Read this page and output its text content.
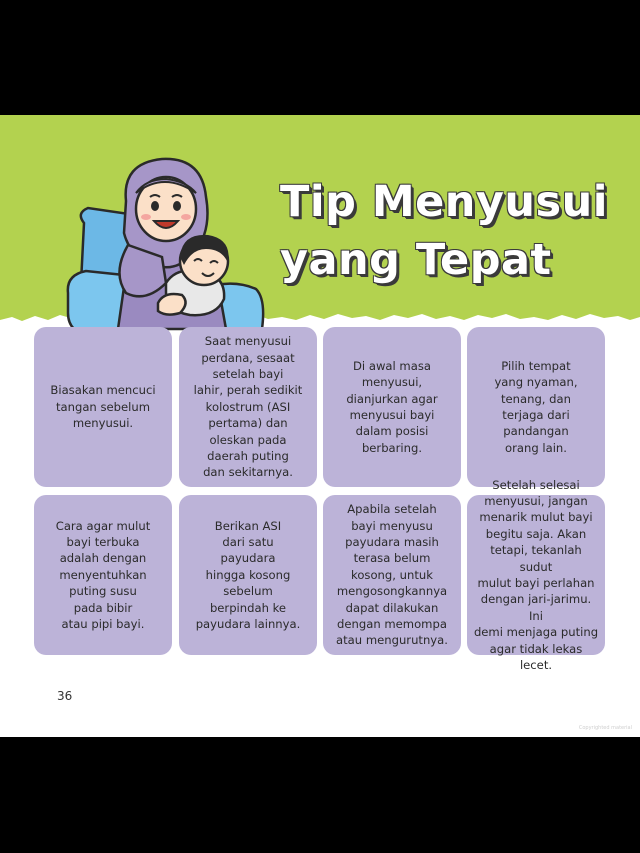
Tip Menyusui
yang Tepat

Biasakan mencuci
tangan sebelum
menyusui.

Saat menyusui
perdana, sesaat
setelah bayi
lahir, perah sedikit
kolostrum (ASI
pertama) dan
oleskan pada
daerah puting
dan sekitarnya.

Di awal masa
menyusui,
dianjurkan agar
menyusui bayi
dalam posisi
berbaring.

Pilih tempat
yang nyaman,
tenang, dan
terjaga dari
pandangan
orang lain.

Cara agar mulut
bayi terbuka
adalah dengan
menyentuhkan
puting susu
pada bibir
atau pipi bayi.

Berikan ASI
dari satu
payudara
hingga kosong
sebelum
berpindah ke
payudara lainnya.

Apabila setelah
bayi menyusu
payudara masih
terasa belum
kosong, untuk
mengosongkannya
dapat dilakukan
dengan memompa
atau mengurutnya.

Setelah selesai
menyusui, jangan
menarik mulut bayi
begitu saja. Akan
tetapi, tekanlah sudut
mulut bayi perlahan
dengan jari-jarimu. Ini
demi menjaga puting
agar tidak lekas lecet.

36
Copyrighted material
